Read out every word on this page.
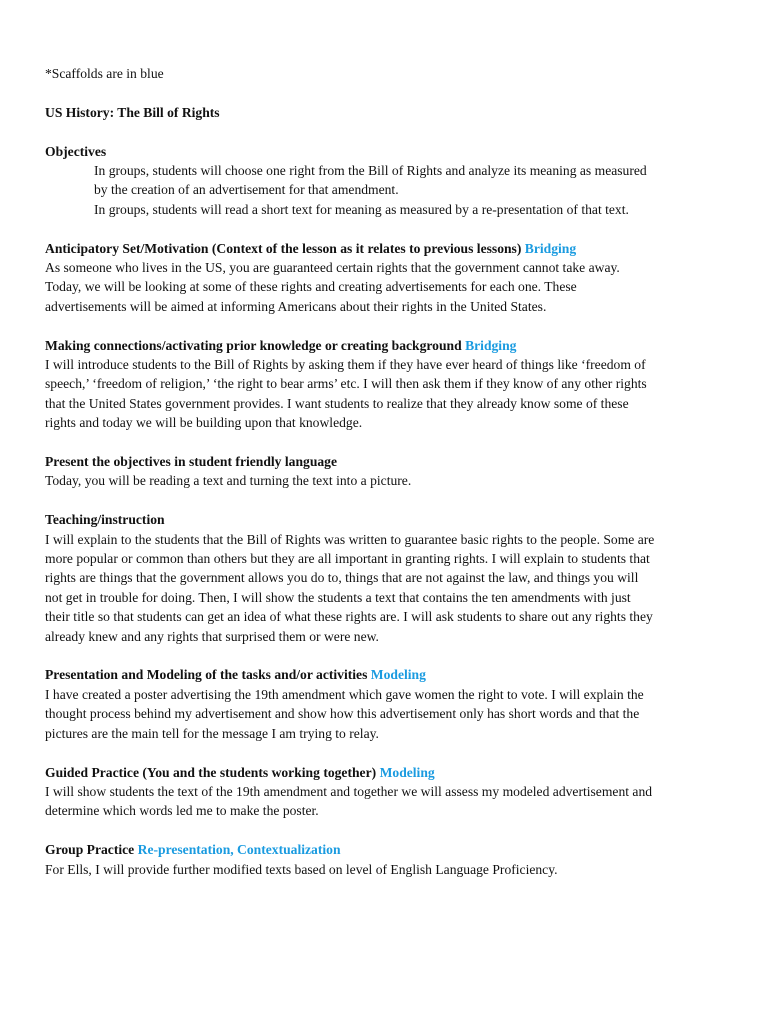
*Scaffolds are in blue

US History: The Bill of Rights

Objectives

In groups, students will choose one right from the Bill of Rights and analyze its meaning as measured

by the creation of an advertisement for that amendment.

In groups, students will read a short text for meaning as measured by a re-presentation of that text.

Anticipatory Set/Motivation (Context of the lesson as it relates to previous lessons) Bridging

As someone who lives in the US, you are guaranteed certain rights that the government cannot take away.

Today, we will be looking at some of these rights and creating advertisements for each one. These

advertisements will be aimed at informing Americans about their rights in the United States.

Making connections/activating prior knowledge or creating background Bridging

I will introduce students to the Bill of Rights by asking them if they have ever heard of things like ‘freedom of

speech,’ ‘freedom of religion,’ ‘the right to bear arms’ etc. I will then ask them if they know of any other rights

that the United States government provides. I want students to realize that they already know some of these

rights and today we will be building upon that knowledge.

Present the objectives in student friendly language

Today, you will be reading a text and turning the text into a picture.

Teaching/instruction

I will explain to the students that the Bill of Rights was written to guarantee basic rights to the people. Some are

more popular or common than others but they are all important in granting rights. I will explain to students that

rights are things that the government allows you do to, things that are not against the law, and things you will

not get in trouble for doing. Then, I will show the students a text that contains the ten amendments with just

their title so that students can get an idea of what these rights are. I will ask students to share out any rights they

already knew and any rights that surprised them or were new.

Presentation and Modeling of the tasks and/or activities Modeling

I have created a poster advertising the 19th amendment which gave women the right to vote. I will explain the

thought process behind my advertisement and show how this advertisement only has short words and that the

pictures are the main tell for the message I am trying to relay.

Guided Practice (You and the students working together) Modeling

I will show students the text of the 19th amendment and together we will assess my modeled advertisement and

determine which words led me to make the poster.

Group Practice Re-presentation, Contextualization

For Ells, I will provide further modified texts based on level of English Language Proficiency.
